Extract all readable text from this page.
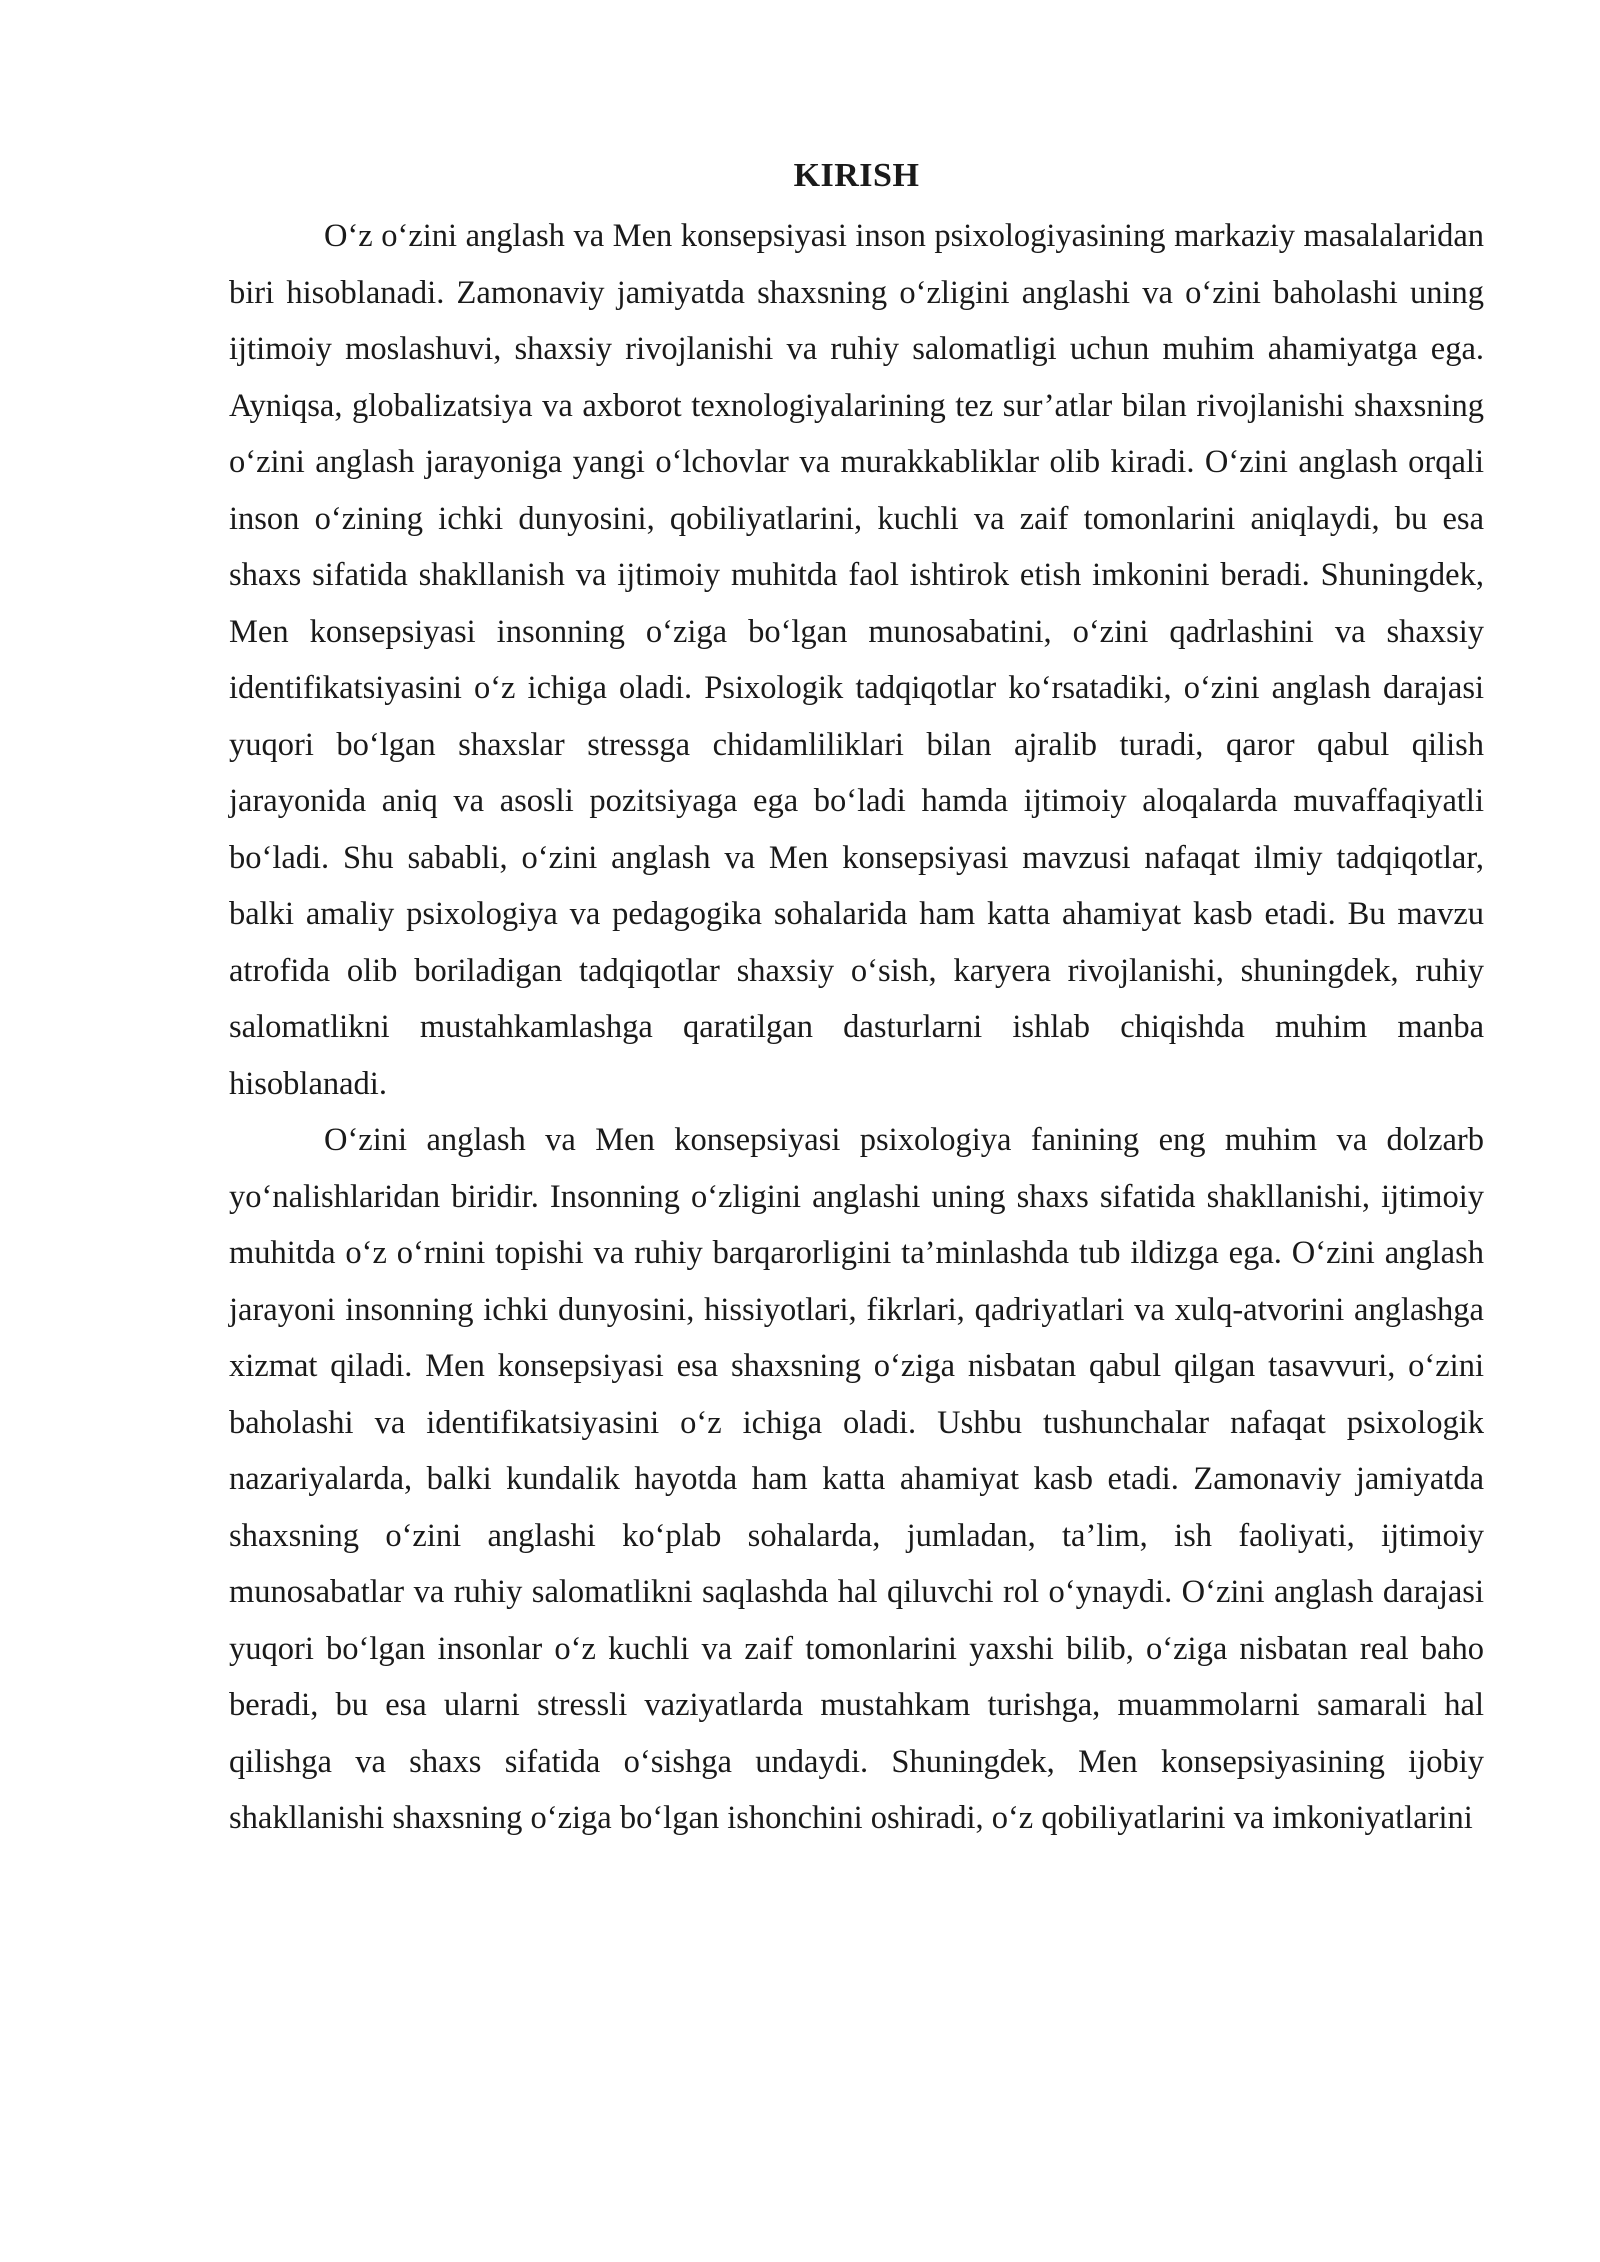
KIRISH

O‘z o‘zini anglash va Men konsepsiyasi inson psixologiyasining markaziy masalalaridan biri hisoblanadi. Zamonaviy jamiyatda shaxsning o‘zligini anglashi va o‘zini baholashi uning ijtimoiy moslashuvi, shaxsiy rivojlanishi va ruhiy salomatligi uchun muhim ahamiyatga ega. Ayniqsa, globalizatsiya va axborot texnologiyalarining tez sur’atlar bilan rivojlanishi shaxsning o‘zini anglash jarayoniga yangi o‘lchovlar va murakkabliklar olib kiradi. O‘zini anglash orqali inson o‘zining ichki dunyosini, qobiliyatlarini, kuchli va zaif tomonlarini aniqlaydi, bu esa shaxs sifatida shakllanish va ijtimoiy muhitda faol ishtirok etish imkonini beradi. Shuningdek, Men konsepsiyasi insonning o‘ziga bo‘lgan munosabatini, o‘zini qadrlashini va shaxsiy identifikatsiyasini o‘z ichiga oladi. Psixologik tadqiqotlar ko‘rsatadiki, o‘zini anglash darajasi yuqori bo‘lgan shaxslar stressga chidamliliklari bilan ajralib turadi, qaror qabul qilish jarayonida aniq va asosli pozitsiyaga ega bo‘ladi hamda ijtimoiy aloqalarda muvaffaqiyatli bo‘ladi. Shu sababli, o‘zini anglash va Men konsepsiyasi mavzusi nafaqat ilmiy tadqiqotlar, balki amaliy psixologiya va pedagogika sohalarida ham katta ahamiyat kasb etadi. Bu mavzu atrofida olib boriladigan tadqiqotlar shaxsiy o‘sish, karyera rivojlanishi, shuningdek, ruhiy salomatlikni mustahkamlashga qaratilgan dasturlarni ishlab chiqishda muhim manba hisoblanadi.

O‘zini anglash va Men konsepsiyasi psixologiya fanining eng muhim va dolzarb yo‘nalishlaridan biridir. Insonning o‘zligini anglashi uning shaxs sifatida shakllanishi, ijtimoiy muhitda o‘z o‘rnini topishi va ruhiy barqarorligini ta’minlashda tub ildizga ega. O‘zini anglash jarayoni insonning ichki dunyosini, hissiyotlari, fikrlari, qadriyatlari va xulq-atvorini anglashga xizmat qiladi. Men konsepsiyasi esa shaxsning o‘ziga nisbatan qabul qilgan tasavvuri, o‘zini baholashi va identifikatsiyasini o‘z ichiga oladi. Ushbu tushunchalar nafaqat psixologik nazariyalarda, balki kundalik hayotda ham katta ahamiyat kasb etadi. Zamonaviy jamiyatda shaxsning o‘zini anglashi ko‘plab sohalarda, jumladan, ta’lim, ish faoliyati, ijtimoiy munosabatlar va ruhiy salomatlikni saqlashda hal qiluvchi rol o‘ynaydi. O‘zini anglash darajasi yuqori bo‘lgan insonlar o‘z kuchli va zaif tomonlarini yaxshi bilib, o‘ziga nisbatan real baho beradi, bu esa ularni stressli vaziyatlarda mustahkam turishga, muammolarni samarali hal qilishga va shaxs sifatida o‘sishga undaydi. Shuningdek, Men konsepsiyasining ijobiy shakllanishi shaxsning o‘ziga bo‘lgan ishonchini oshiradi, o‘z qobiliyatlarini va imkoniyatlarini
